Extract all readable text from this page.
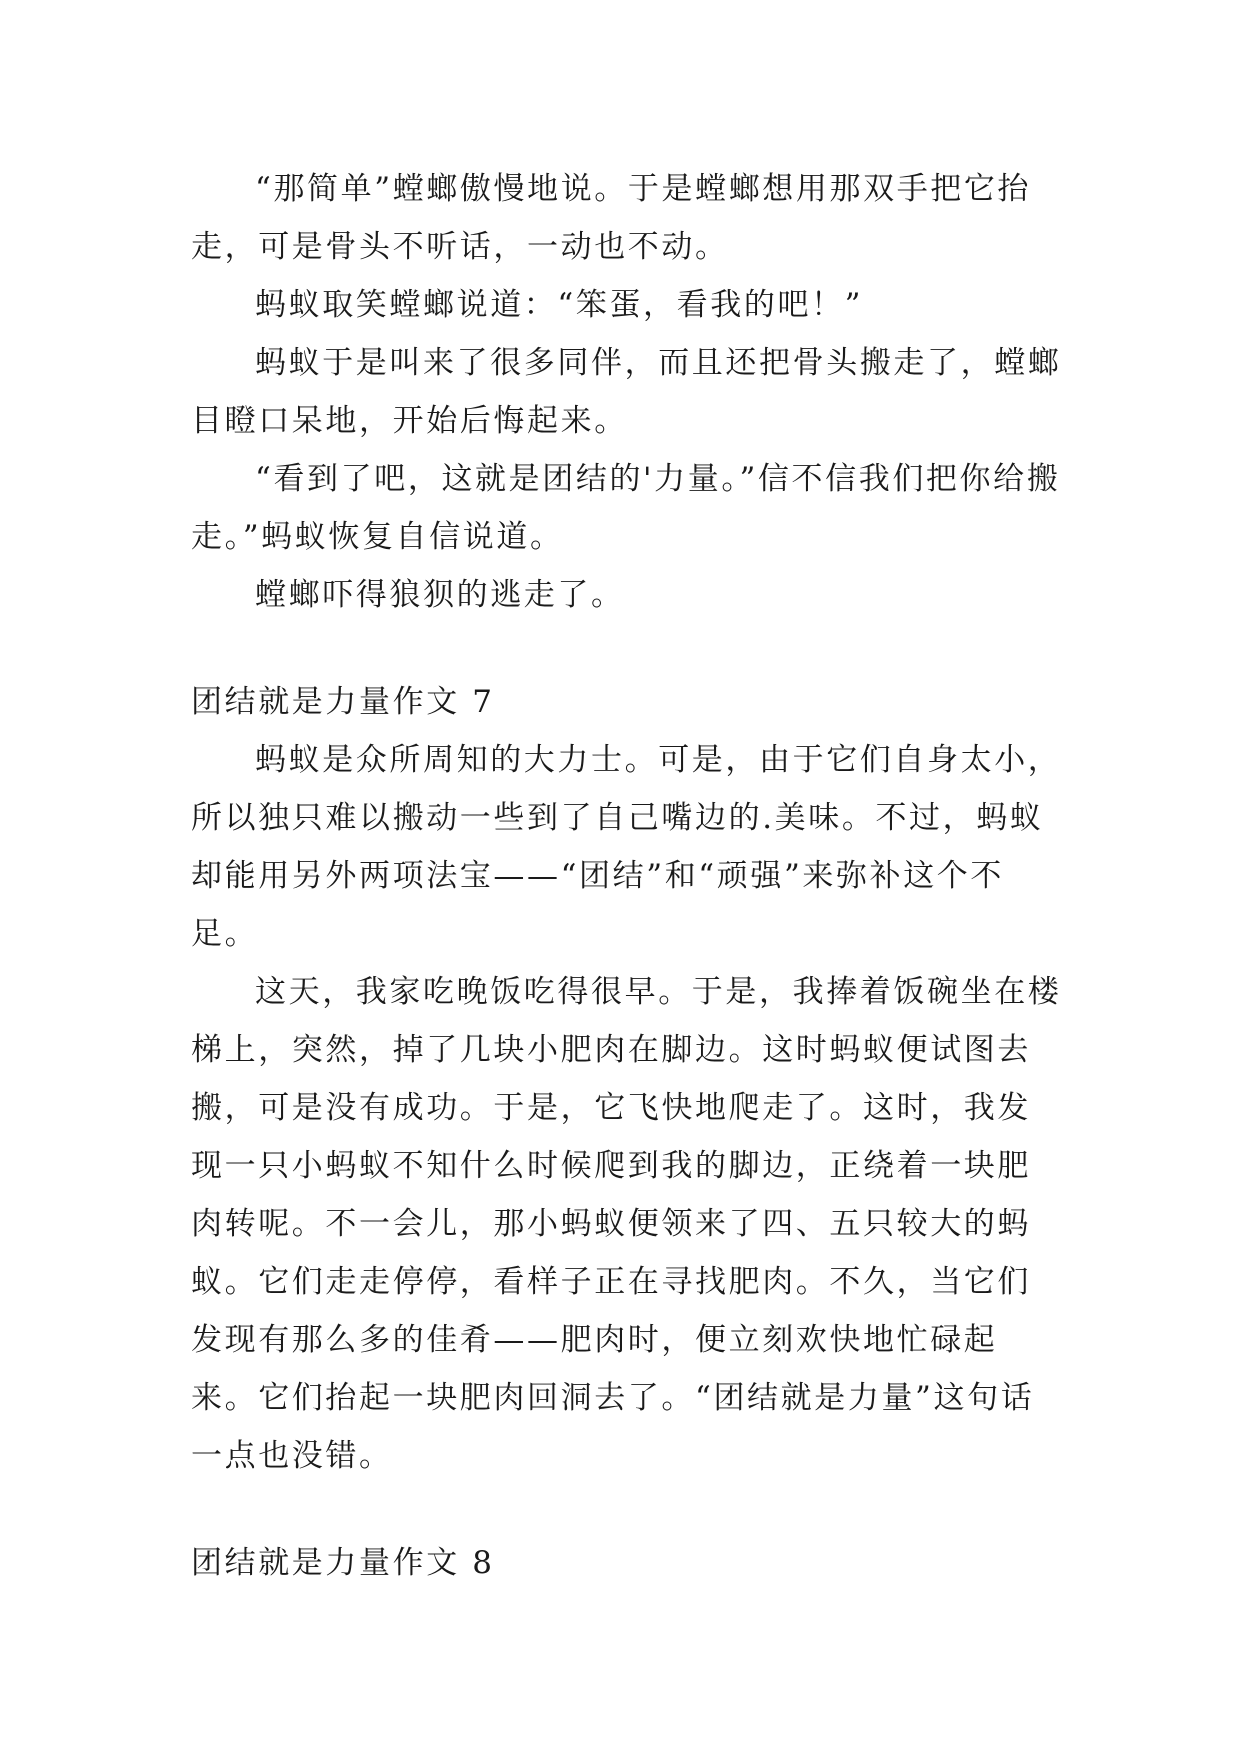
“那简单”螳螂傲慢地说。于是螳螂想用那双手把它抬走，可是骨头不听话，一动也不动。

蚂蚁取笑螳螂说道：“笨蛋，看我的吧！”

蚂蚁于是叫来了很多同伴，而且还把骨头搬走了，螳螂目瞪口呆地，开始后悔起来。

“看到了吧，这就是团结的'力量。”信不信我们把你给搬走。”蚂蚁恢复自信说道。

螳螂吓得狼狈的逃走了。

团结就是力量作文 7

蚂蚁是众所周知的大力士。可是，由于它们自身太小，所以独只难以搬动一些到了自己嘴边的.美味。不过，蚂蚁却能用另外两项法宝——“团结”和“顽强”来弥补这个不足。

这天，我家吃晚饭吃得很早。于是，我捧着饭碗坐在楼梯上，突然，掉了几块小肥肉在脚边。这时蚂蚁便试图去搬，可是没有成功。于是，它飞快地爬走了。这时，我发现一只小蚂蚁不知什么时候爬到我的脚边，正绕着一块肥肉转呢。不一会儿，那小蚂蚁便领来了四、五只较大的蚂蚁。它们走走停停，看样子正在寻找肥肉。不久，当它们发现有那么多的佳肴——肥肉时，便立刻欢快地忙碌起来。它们抬起一块肥肉回洞去了。“团结就是力量”这句话一点也没错。

团结就是力量作文 8
